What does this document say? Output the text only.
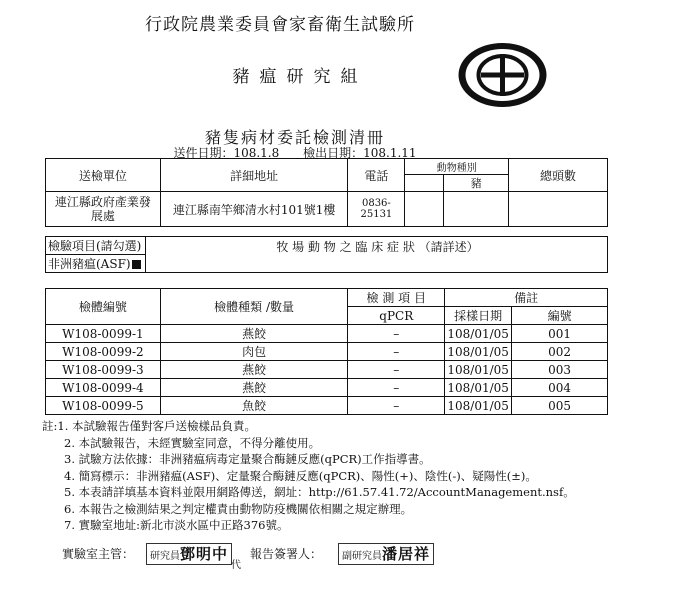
行政院農業委員會家畜衛生試驗所
豬瘟研究組
豬隻病材委託檢測清冊
送件日期：108.1.8 檢出日期：108.1.11
送檢單位	詳細地址	電話	動物種別		總頭數
				豬	
連江縣政府產業發展處	連江縣南竿鄉清水村101號1樓	0836-25131			
檢驗項目(請勾選)	牧 場 動 物 之 臨 床 症 狀 （請詳述）
非洲豬瘟(ASF)
檢體編號	檢體種類 /數量	檢 測 項 目	備註	
		qPCR	採樣日期	編號
W108-0099-1	燕餃	–	108/01/05	001
W108-0099-2	肉包	–	108/01/05	002
W108-0099-3	燕餃	–	108/01/05	003
W108-0099-4	燕餃	–	108/01/05	004
W108-0099-5	魚餃	–	108/01/05	005
註:1. 本試驗報告僅對客戶送檢樣品負責。
2. 本試驗報告，未經實驗室同意，不得分離使用。
3. 試驗方法依據：非洲豬瘟病毒定量聚合酶鏈反應(qPCR)工作指導書。
4. 簡寫標示：非洲豬瘟(ASF)、定量聚合酶鏈反應(qPCR)、陽性(+)、陰性(-)、疑陽性(±)。
5. 本表請詳填基本資料並限用網路傳送，網址：http://61.57.41.72/AccountManagement.nsf。
6. 本報告之檢測結果之判定權責由動物防疫機關依相關之規定辦理。
7. 實驗室地址:新北市淡水區中正路376號。
實驗室主管：	研究員鄧明中
代
報告簽署人：	副研究員潘居祥
